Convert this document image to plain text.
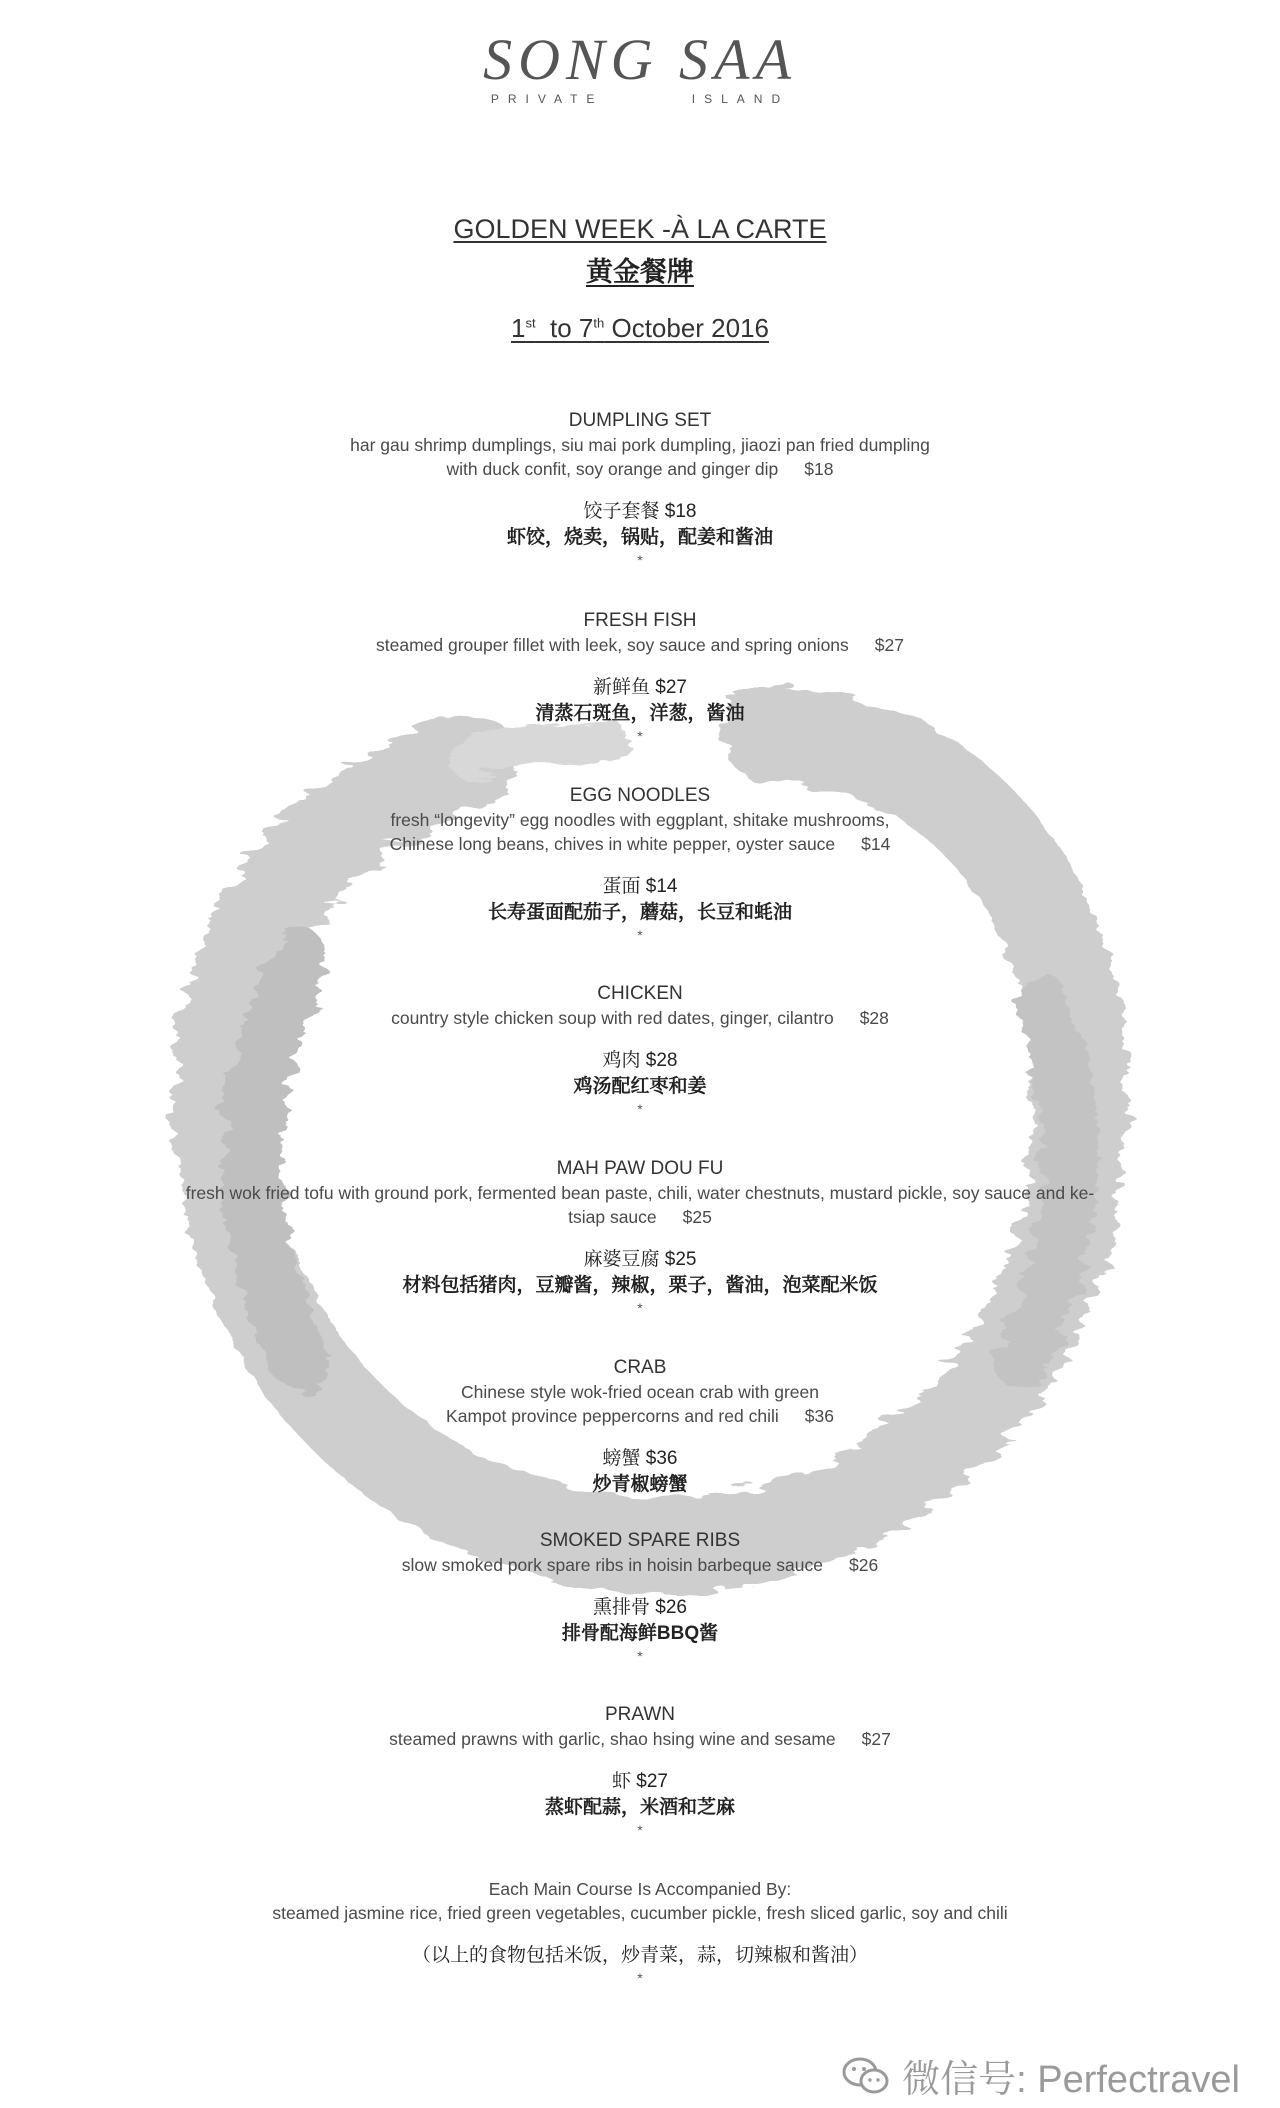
SONG SAA
PRIVATE	ISLAND
GOLDEN WEEK -À LA CARTE
黄金餐牌
1st to 7th October 2016
DUMPLING SET
har gau shrimp dumplings, siu mai pork dumpling, jiaozi pan fried dumpling
with duck confit, soy orange and ginger dip $18
饺子套餐 $18
虾饺，烧卖，锅贴，配姜和酱油
*
FRESH FISH
steamed grouper fillet with leek, soy sauce and spring onions $27
新鲜鱼 $27
清蒸石斑鱼，洋葱，酱油
*
EGG NOODLES
fresh “longevity” egg noodles with eggplant, shitake mushrooms,
Chinese long beans, chives in white pepper, oyster sauce $14
蛋面 $14
长寿蛋面配茄子，蘑菇，长豆和蚝油
*
CHICKEN
country style chicken soup with red dates, ginger, cilantro $28
鸡肉 $28
鸡汤配红枣和姜
*
MAH PAW DOU FU
fresh wok fried tofu with ground pork, fermented bean paste, chili, water chestnuts, mustard pickle, soy sauce and ke-
tsiap sauce $25
麻婆豆腐 $25
材料包括猪肉，豆瓣酱，辣椒，栗子，酱油，泡菜配米饭
*
CRAB
Chinese style wok-fried ocean crab with green
Kampot province peppercorns and red chili $36
螃蟹 $36
炒青椒螃蟹
SMOKED SPARE RIBS
slow smoked pork spare ribs in hoisin barbeque sauce $26
熏排骨 $26
排骨配海鲜BBQ酱
*
PRAWN
steamed prawns with garlic, shao hsing wine and sesame $27
虾 $27
蒸虾配蒜，米酒和芝麻
*
Each Main Course Is Accompanied By:
steamed jasmine rice, fried green vegetables, cucumber pickle, fresh sliced garlic, soy and chili
（以上的食物包括米饭，炒青菜，蒜，切辣椒和酱油）
*
微信号: Perfectravel
